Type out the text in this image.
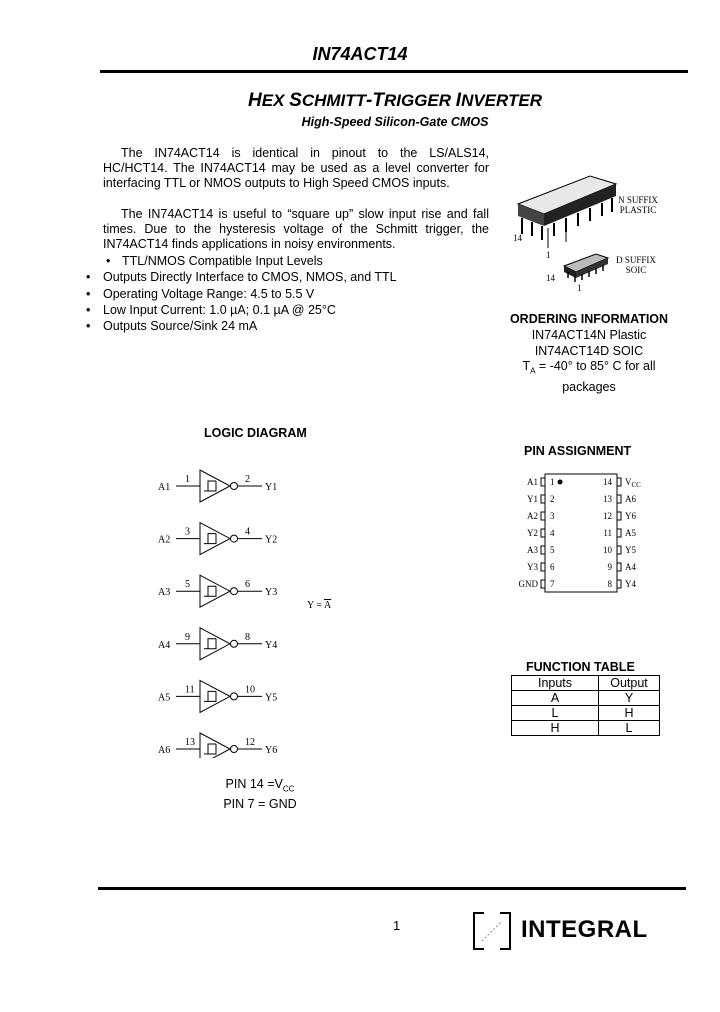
IN74ACT14
HEX SCHMITT-TRIGGER INVERTER
High-Speed Silicon-Gate CMOS
The IN74ACT14 is identical in pinout to the LS/ALS14, HC/HCT14. The IN74ACT14 may be used as a level converter for interfacing TTL or NMOS outputs to High Speed CMOS inputs.
The IN74ACT14 is useful to “square up” slow input rise and fall times. Due to the hysteresis voltage of the Schmitt trigger, the IN74ACT14 finds applications in noisy environments.
• TTL/NMOS Compatible Input Levels
• Outputs Directly Interface to CMOS, NMOS, and TTL
• Operating Voltage Range: 4.5 to 5.5 V
• Low Input Current: 1.0 µA; 0.1 µA @ 25°C
• Outputs Source/Sink 24 mA
14
1
14
1
N SUFFIX
PLASTIC
D SUFFIX
SOIC
ORDERING INFORMATION
IN74ACT14N Plastic
IN74ACT14D SOIC
$T_A = -40^\circ$ to 85° C for all
packages
LOGIC DIAGRAM
A1
1	2
Y1
A2
3	4
Y2
A3
5	6
Y3
A4
9	8
Y4
A5
11	10
Y5
A6
13	12
Y6
$Y = \overline{A}$
PIN $14 =V_{CC}$
PIN 7 = GND
PIN ASSIGNMENT
A1 1
Y1 2
A2 3
Y2 4
A3 5
Y3 6
GND 7
14 $V_{CC}$
13 A6
12 Y6
11 A5
10 Y5
9 A4
8 Y4
FUNCTION TABLE
Inputs	Output
A	Y
L	H
H	L
1	INTEGRAL
